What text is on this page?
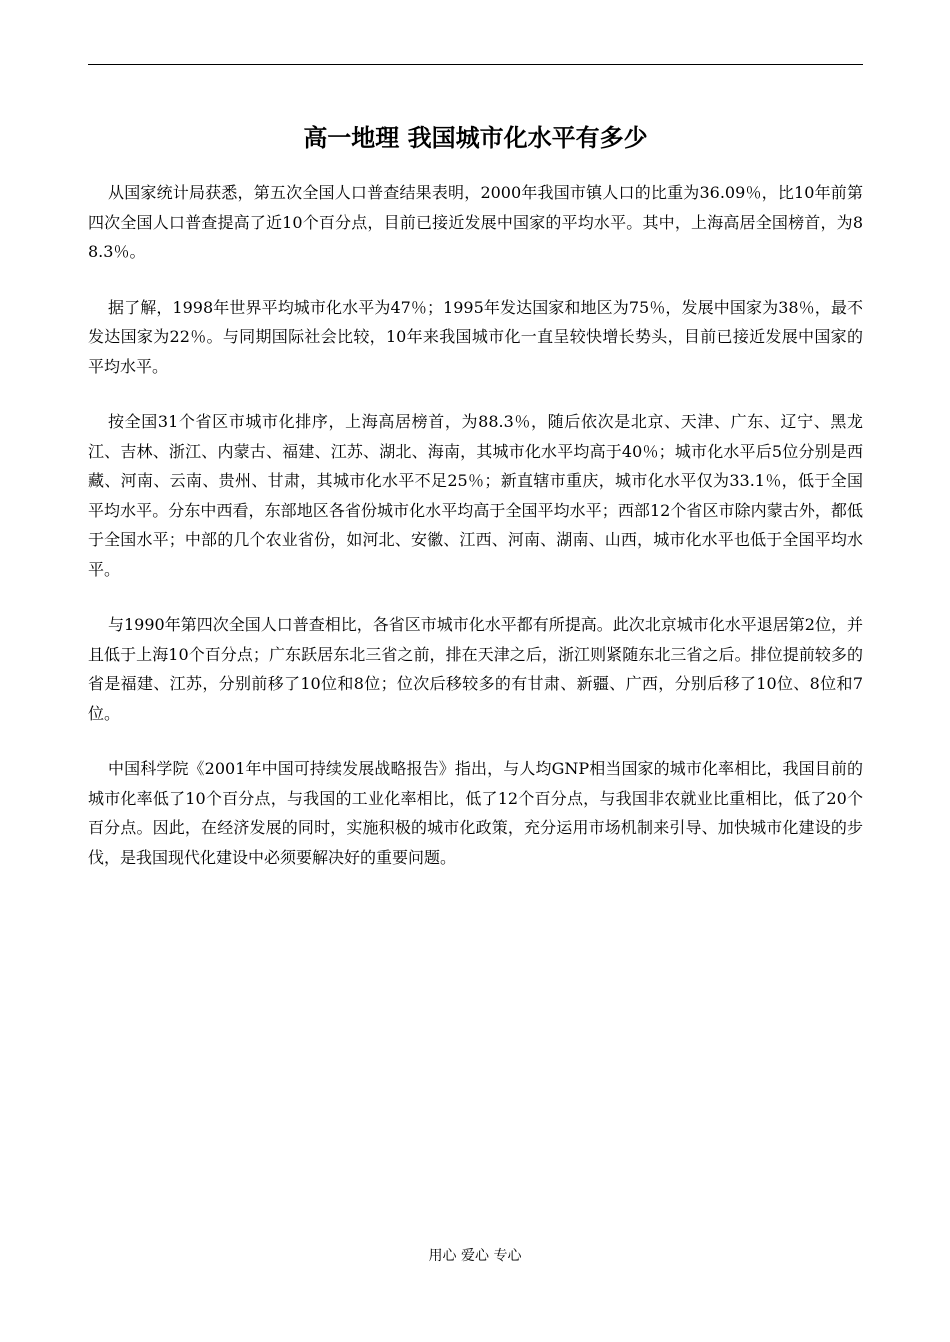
高一地理 我国城市化水平有多少

从国家统计局获悉，第五次全国人口普查结果表明，2000年我国市镇人口的比重为36.09％，比10年前第四次全国人口普查提高了近10个百分点，目前已接近发展中国家的平均水平。其中，上海高居全国榜首，为88.3％。

据了解，1998年世界平均城市化水平为47％；1995年发达国家和地区为75％，发展中国家为38％，最不发达国家为22％。与同期国际社会比较，10年来我国城市化一直呈较快增长势头，目前已接近发展中国家的平均水平。

按全国31个省区市城市化排序，上海高居榜首，为88.3％，随后依次是北京、天津、广东、辽宁、黑龙江、吉林、浙江、内蒙古、福建、江苏、湖北、海南，其城市化水平均高于40％；城市化水平后5位分别是西藏、河南、云南、贵州、甘肃，其城市化水平不足25％；新直辖市重庆，城市化水平仅为33.1％，低于全国平均水平。分东中西看，东部地区各省份城市化水平均高于全国平均水平；西部12个省区市除内蒙古外，都低于全国水平；中部的几个农业省份，如河北、安徽、江西、河南、湖南、山西，城市化水平也低于全国平均水平。

与1990年第四次全国人口普查相比，各省区市城市化水平都有所提高。此次北京城市化水平退居第2位，并且低于上海10个百分点；广东跃居东北三省之前，排在天津之后，浙江则紧随东北三省之后。排位提前较多的省是福建、江苏，分别前移了10位和8位；位次后移较多的有甘肃、新疆、广西，分别后移了10位、8位和7位。

中国科学院《2001年中国可持续发展战略报告》指出，与人均GNP相当国家的城市化率相比，我国目前的城市化率低了10个百分点，与我国的工业化率相比，低了12个百分点，与我国非农就业比重相比，低了20个百分点。因此，在经济发展的同时，实施积极的城市化政策，充分运用市场机制来引导、加快城市化建设的步伐，是我国现代化建设中必须要解决好的重要问题。

用心 爱心 专心
